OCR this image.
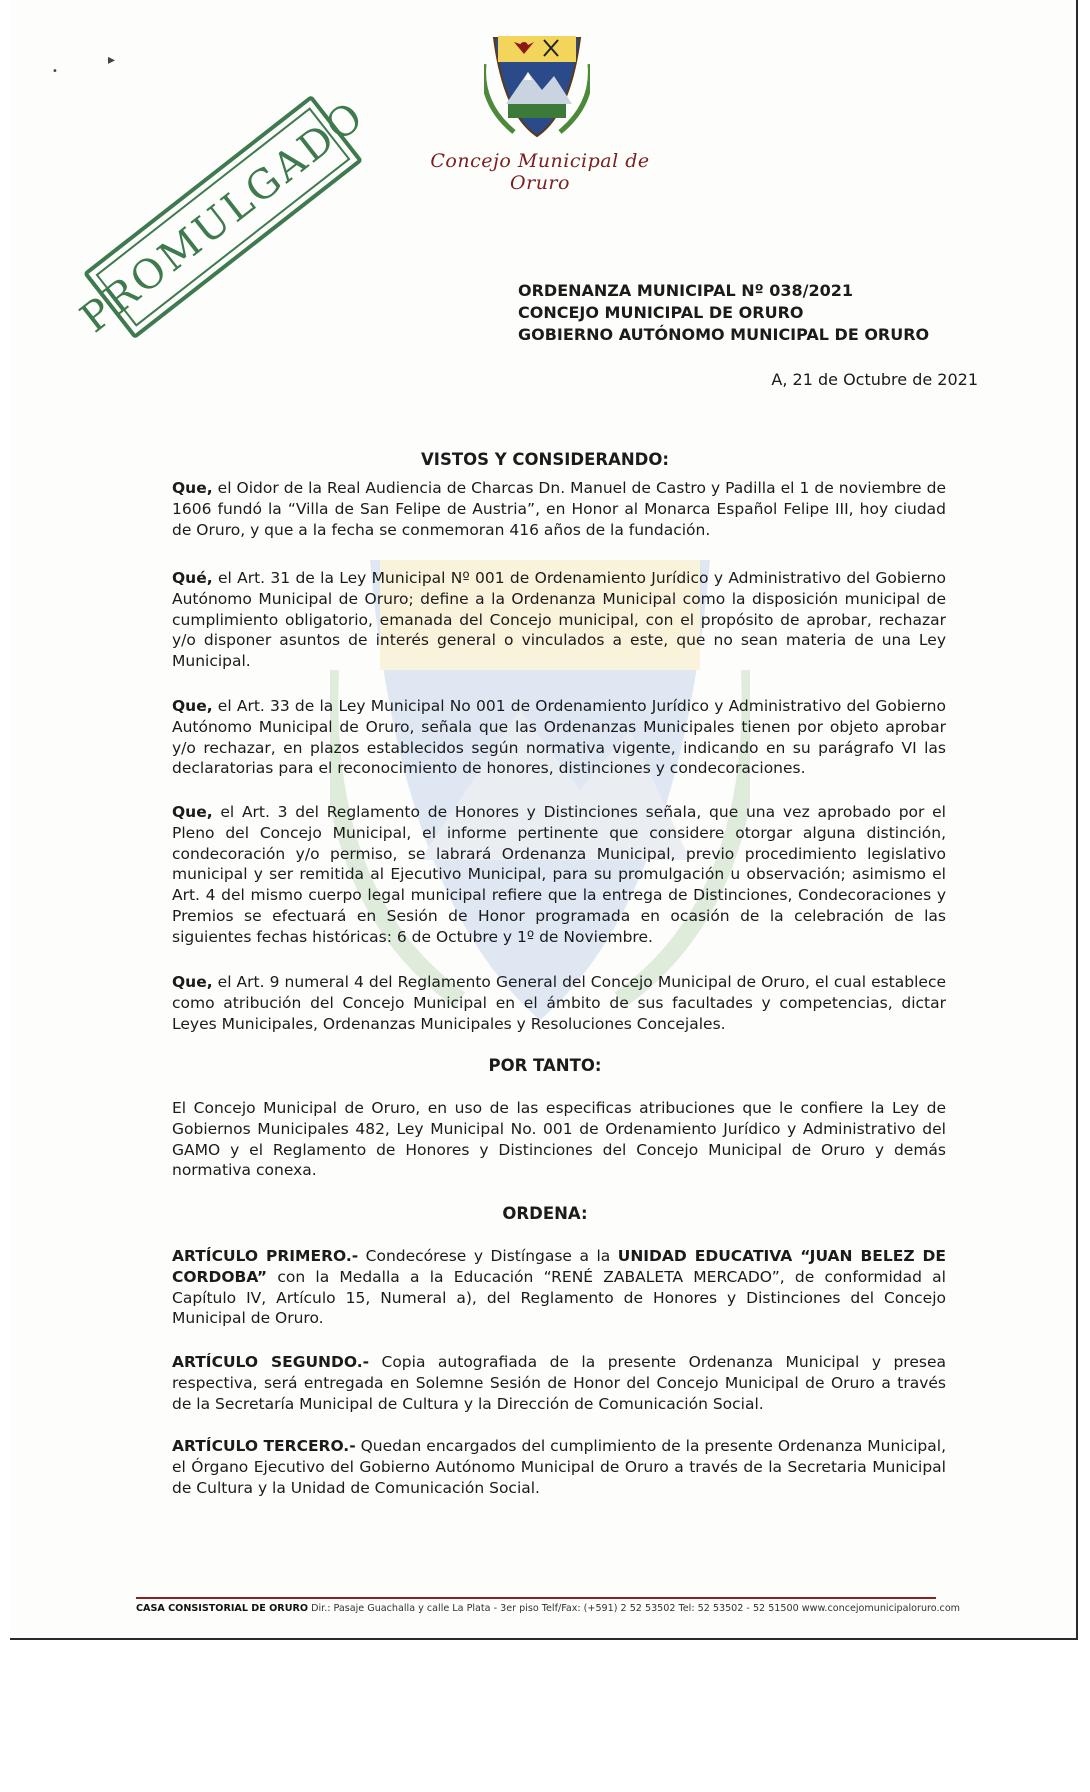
Concejo Municipal de Oruro
PROMULGADO
▸
•
ORDENANZA MUNICIPAL Nº 038/2021
CONCEJO MUNICIPAL DE ORURO
GOBIERNO AUTÓNOMO MUNICIPAL DE ORURO
A, 21 de Octubre de 2021
VISTOS Y CONSIDERANDO:
Que, el Oidor de la Real Audiencia de Charcas Dn. Manuel de Castro y Padilla el 1 de noviembre de 1606 fundó la “Villa de San Felipe de Austria”, en Honor al Monarca Español Felipe III, hoy ciudad de Oruro, y que a la fecha se conmemoran 416 años de la fundación.
Qué, el Art. 31 de la Ley Municipal Nº 001 de Ordenamiento Jurídico y Administrativo del Gobierno Autónomo Municipal de Oruro; define a la Ordenanza Municipal como la disposición municipal de cumplimiento obligatorio, emanada del Concejo municipal, con el propósito de aprobar, rechazar y/o disponer asuntos de interés general o vinculados a este, que no sean materia de una Ley Municipal.
Que, el Art. 33 de la Ley Municipal No 001 de Ordenamiento Jurídico y Administrativo del Gobierno Autónomo Municipal de Oruro, señala que las Ordenanzas Municipales tienen por objeto aprobar y/o rechazar, en plazos establecidos según normativa vigente, indicando en su parágrafo VI las declaratorias para el reconocimiento de honores, distinciones y condecoraciones.
Que, el Art. 3 del Reglamento de Honores y Distinciones señala, que una vez aprobado por el Pleno del Concejo Municipal, el informe pertinente que considere otorgar alguna distinción, condecoración y/o permiso, se labrará Ordenanza Municipal, previo procedimiento legislativo municipal y ser remitida al Ejecutivo Municipal, para su promulgación u observación; asimismo el Art. 4 del mismo cuerpo legal municipal refiere que la entrega de Distinciones, Condecoraciones y Premios se efectuará en Sesión de Honor programada en ocasión de la celebración de las siguientes fechas históricas: 6 de Octubre y 1º de Noviembre.
Que, el Art. 9 numeral 4 del Reglamento General del Concejo Municipal de Oruro, el cual establece como atribución del Concejo Municipal en el ámbito de sus facultades y competencias, dictar Leyes Municipales, Ordenanzas Municipales y Resoluciones Concejales.
POR TANTO:
El Concejo Municipal de Oruro, en uso de las especificas atribuciones que le confiere la Ley de Gobiernos Municipales 482, Ley Municipal No. 001 de Ordenamiento Jurídico y Administrativo del GAMO y el Reglamento de Honores y Distinciones del Concejo Municipal de Oruro y demás normativa conexa.
ORDENA:
ARTÍCULO PRIMERO.- Condecórese y Distíngase a la UNIDAD EDUCATIVA “JUAN BELEZ DE CORDOBA” con la Medalla a la Educación “RENÉ ZABALETA MERCADO”, de conformidad al Capítulo IV, Artículo 15, Numeral a), del Reglamento de Honores y Distinciones del Concejo Municipal de Oruro.
ARTÍCULO SEGUNDO.- Copia autografiada de la presente Ordenanza Municipal y presea respectiva, será entregada en Solemne Sesión de Honor del Concejo Municipal de Oruro a través de la Secretaría Municipal de Cultura y la Dirección de Comunicación Social.
ARTÍCULO TERCERO.- Quedan encargados del cumplimiento de la presente Ordenanza Municipal, el Órgano Ejecutivo del Gobierno Autónomo Municipal de Oruro a través de la Secretaria Municipal de Cultura y la Unidad de Comunicación Social.
CASA CONSISTORIAL DE ORURO Dir.: Pasaje Guachalla y calle La Plata - 3er piso Telf/Fax: (+591) 2 52 53502 Tel: 52 53502 - 52 51500 www.concejomunicipaloruro.com
